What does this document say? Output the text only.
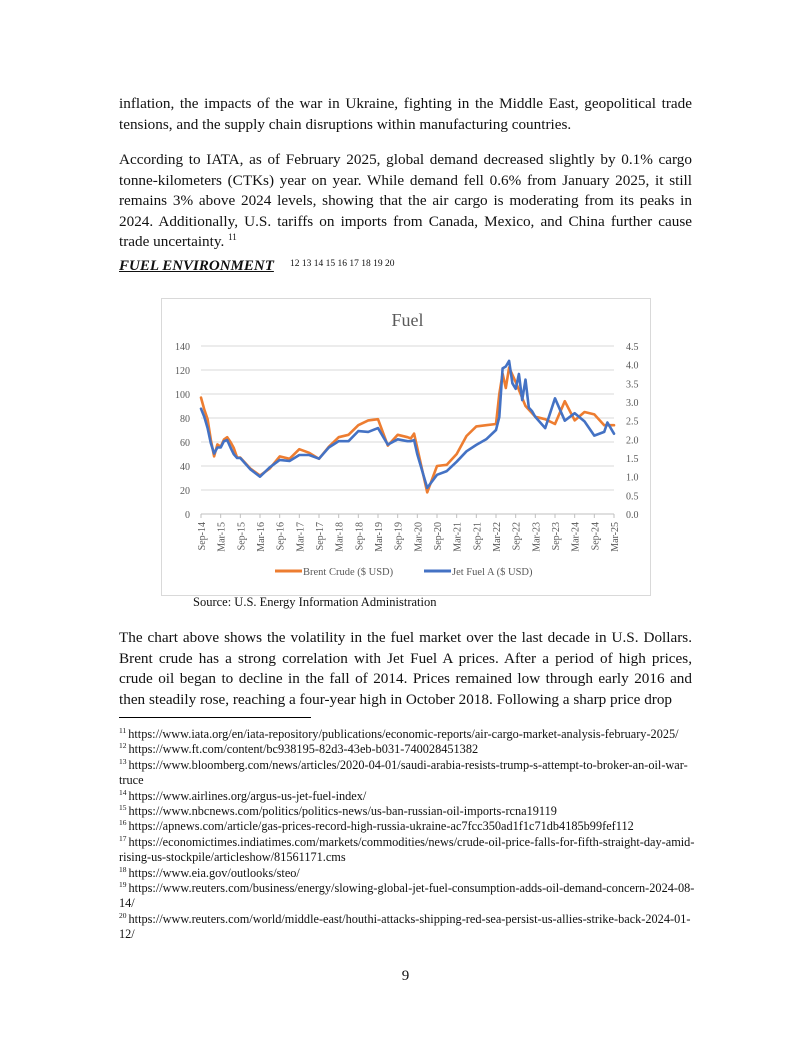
inflation, the impacts of the war in Ukraine, fighting in the Middle East, geopolitical trade tensions, and the supply chain disruptions within manufacturing countries.

According to IATA, as of February 2025, global demand decreased slightly by 0.1% cargo tonne-kilometers (CTKs) year on year. While demand fell 0.6% from January 2025, it still remains 3% above 2024 levels, showing that the air cargo is moderating from its peaks in 2024. Additionally, U.S. tariffs on imports from Canada, Mexico, and China further cause trade uncertainty. $^{11}$

FUEL ENVIRONMENT 12 13 14 15 16 17 18 19 20
Fuel
0
20
40
60
80
100
120
140
0.0
0.5
1.0
1.5
2.0
2.5
3.0
3.5
4.0
4.5
Sep-14 Mar-15 Sep-15 Mar-16 Sep-16 Mar-17 Sep-17 Mar-18 Sep-18 Mar-19 Sep-19 Mar-20 Sep-20 Mar-21 Sep-21 Mar-22 Sep-22 Mar-23 Sep-23 Mar-24 Sep-24 Mar-25
Brent Crude ($ USD)	Jet Fuel A ($ USD)
Source: U.S. Energy Information Administration

The chart above shows the volatility in the fuel market over the last decade in U.S. Dollars. Brent crude has a strong correlation with Jet Fuel A prices. After a period of high prices, crude oil began to decline in the fall of 2014. Prices remained low through early 2016 and then steadily rose, reaching a four-year high in October 2018. Following a sharp price drop

$^{11}$ https://www.iata.org/en/iata-repository/publications/economic-reports/air-cargo-market-analysis-february-2025/

$^{12}$ https://www.ft.com/content/bc938195-82d3-43eb-b031-740028451382

$^{13}$ https://www.bloomberg.com/news/articles/2020-04-01/saudi-arabia-resists-trump-s-attempt-to-broker-an-oil-war-truce

$^{14}$ https://www.airlines.org/argus-us-jet-fuel-index/

$^{15}$ https://www.nbcnews.com/politics/politics-news/us-ban-russian-oil-imports-rcna19119

$^{16}$ https://apnews.com/article/gas-prices-record-high-russia-ukraine-ac7fcc350ad1f1c71db4185b99fef112

$^{17}$ https://economictimes.indiatimes.com/markets/commodities/news/crude-oil-price-falls-for-fifth-straight-day-amid-rising-us-stockpile/articleshow/81561171.cms

$^{18}$ https://www.eia.gov/outlooks/steo/

$^{19}$ https://www.reuters.com/business/energy/slowing-global-jet-fuel-consumption-adds-oil-demand-concern-2024-08-14/

$^{20}$ https://www.reuters.com/world/middle-east/houthi-attacks-shipping-red-sea-persist-us-allies-strike-back-2024-01-12/

9
